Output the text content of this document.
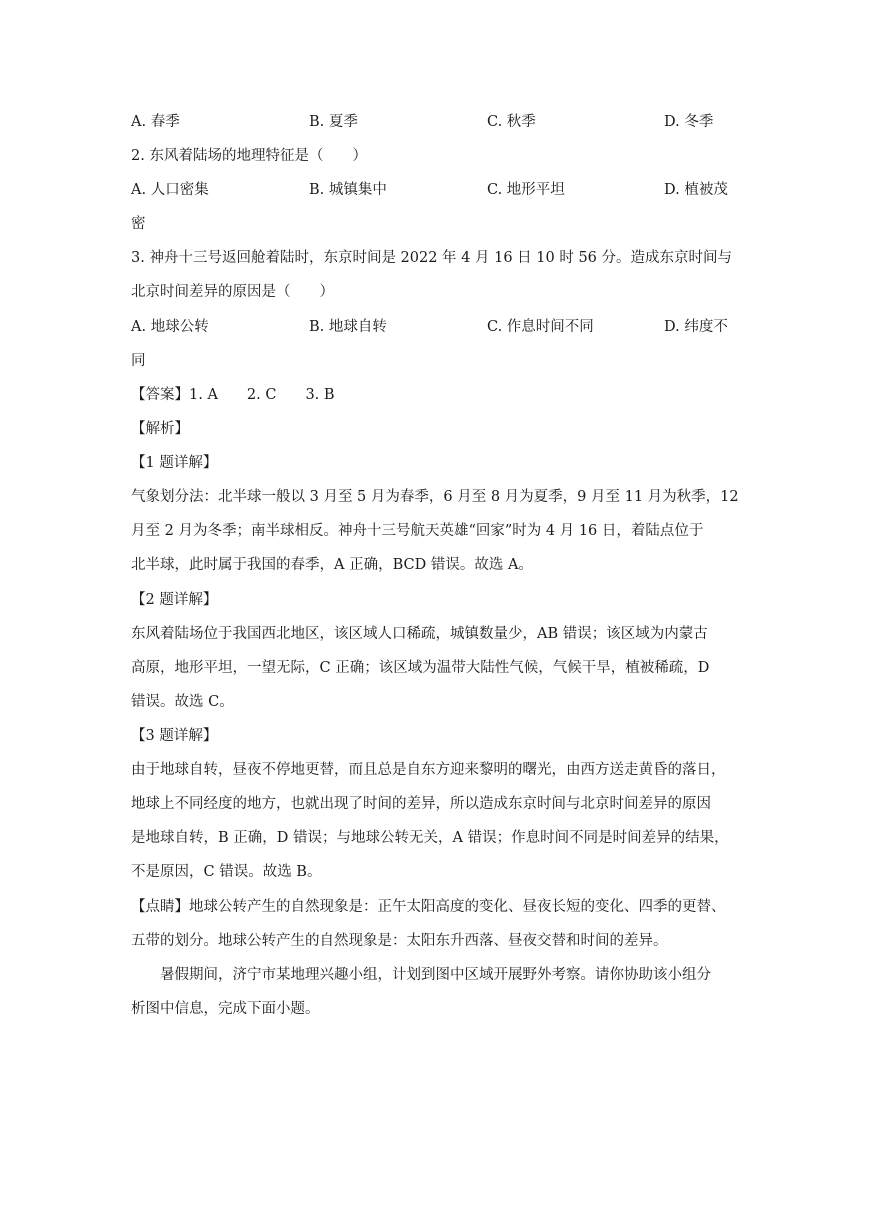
A. 春季	B. 夏季	C. 秋季	D. 冬季
2. 东风着陆场的地理特征是（　　）
A. 人口密集	B. 城镇集中	C. 地形平坦	D. 植被茂
密
3. 神舟十三号返回舱着陆时，东京时间是 2022 年 4 月 16 日 10 时 56 分。造成东京时间与
北京时间差异的原因是（　　）
A. 地球公转	B. 地球自转	C. 作息时间不同	D. 纬度不
同
【答案】1. A　　2. C　　3. B
【解析】
【1 题详解】
气象划分法：北半球一般以 3 月至 5 月为春季，6 月至 8 月为夏季，9 月至 11 月为秋季，12
月至 2 月为冬季；南半球相反。神舟十三号航天英雄“回家”时为 4 月 16 日，着陆点位于
北半球，此时属于我国的春季，A 正确，BCD 错误。故选 A。
【2 题详解】
东风着陆场位于我国西北地区，该区域人口稀疏，城镇数量少，AB 错误；该区域为内蒙古
高原，地形平坦，一望无际，C 正确；该区域为温带大陆性气候，气候干旱，植被稀疏，D
错误。故选 C。
【3 题详解】
由于地球自转，昼夜不停地更替，而且总是自东方迎来黎明的曙光，由西方送走黄昏的落日，
地球上不同经度的地方，也就出现了时间的差异，所以造成东京时间与北京时间差异的原因
是地球自转，B 正确，D 错误；与地球公转无关，A 错误；作息时间不同是时间差异的结果，
不是原因，C 错误。故选 B。
【点睛】地球公转产生的自然现象是：正午太阳高度的变化、昼夜长短的变化、四季的更替、
五带的划分。地球公转产生的自然现象是：太阳东升西落、昼夜交替和时间的差异。
　　暑假期间，济宁市某地理兴趣小组，计划到图中区域开展野外考察。请你协助该小组分
析图中信息，完成下面小题。
